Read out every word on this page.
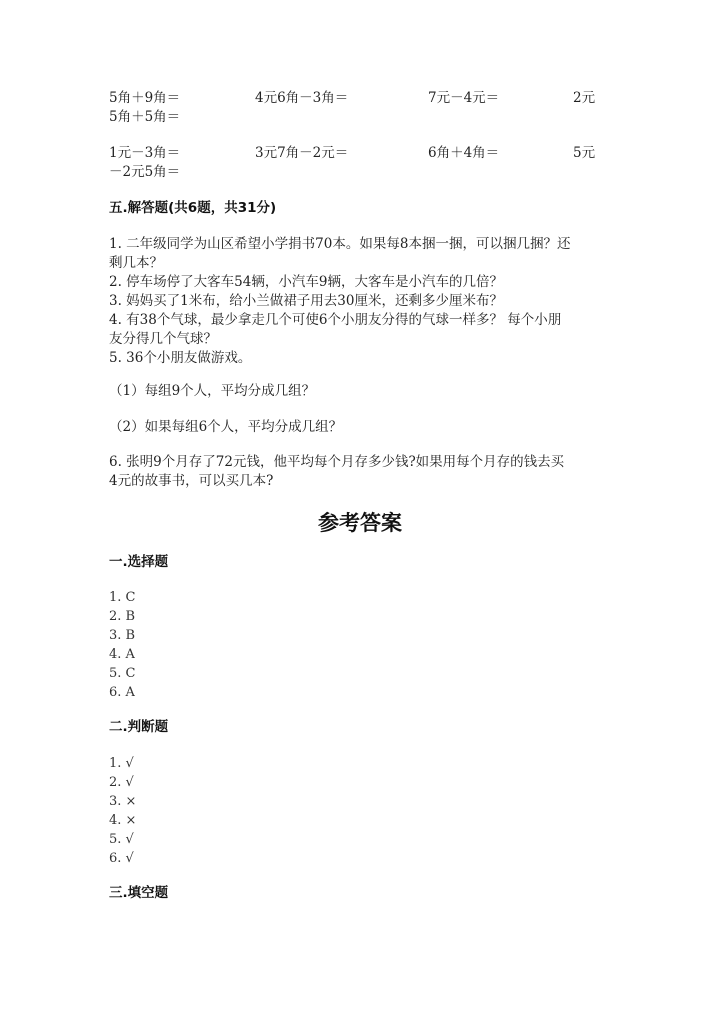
5角＋9角＝	4元6角－3角＝	7元－4元＝	2元
5角＋5角＝
1元－3角＝	3元7角－2元＝	6角＋4角＝	5元
－2元5角＝
五.解答题(共6题，共31分)
1. 二年级同学为山区希望小学捐书70本。如果每8本捆一捆，可以捆几捆？还
剩几本？
2. 停车场停了大客车54辆，小汽车9辆，大客车是小汽车的几倍？
3. 妈妈买了1米布，给小兰做裙子用去30厘米，还剩多少厘米布？
4. 有38个气球，最少拿走几个可使6个小朋友分得的气球一样多？ 每个小朋
友分得几个气球？
5. 36个小朋友做游戏。
（1）每组9个人，平均分成几组？
（2）如果每组6个人，平均分成几组？
6. 张明9个月存了72元钱，他平均每个月存多少钱?如果用每个月存的钱去买
4元的故事书，可以买几本?
参考答案
一.选择题
1. C
2. B
3. B
4. A
5. C
6. A
二.判断题
1. √
2. √
3. ×
4. ×
5. √
6. √
三.填空题
